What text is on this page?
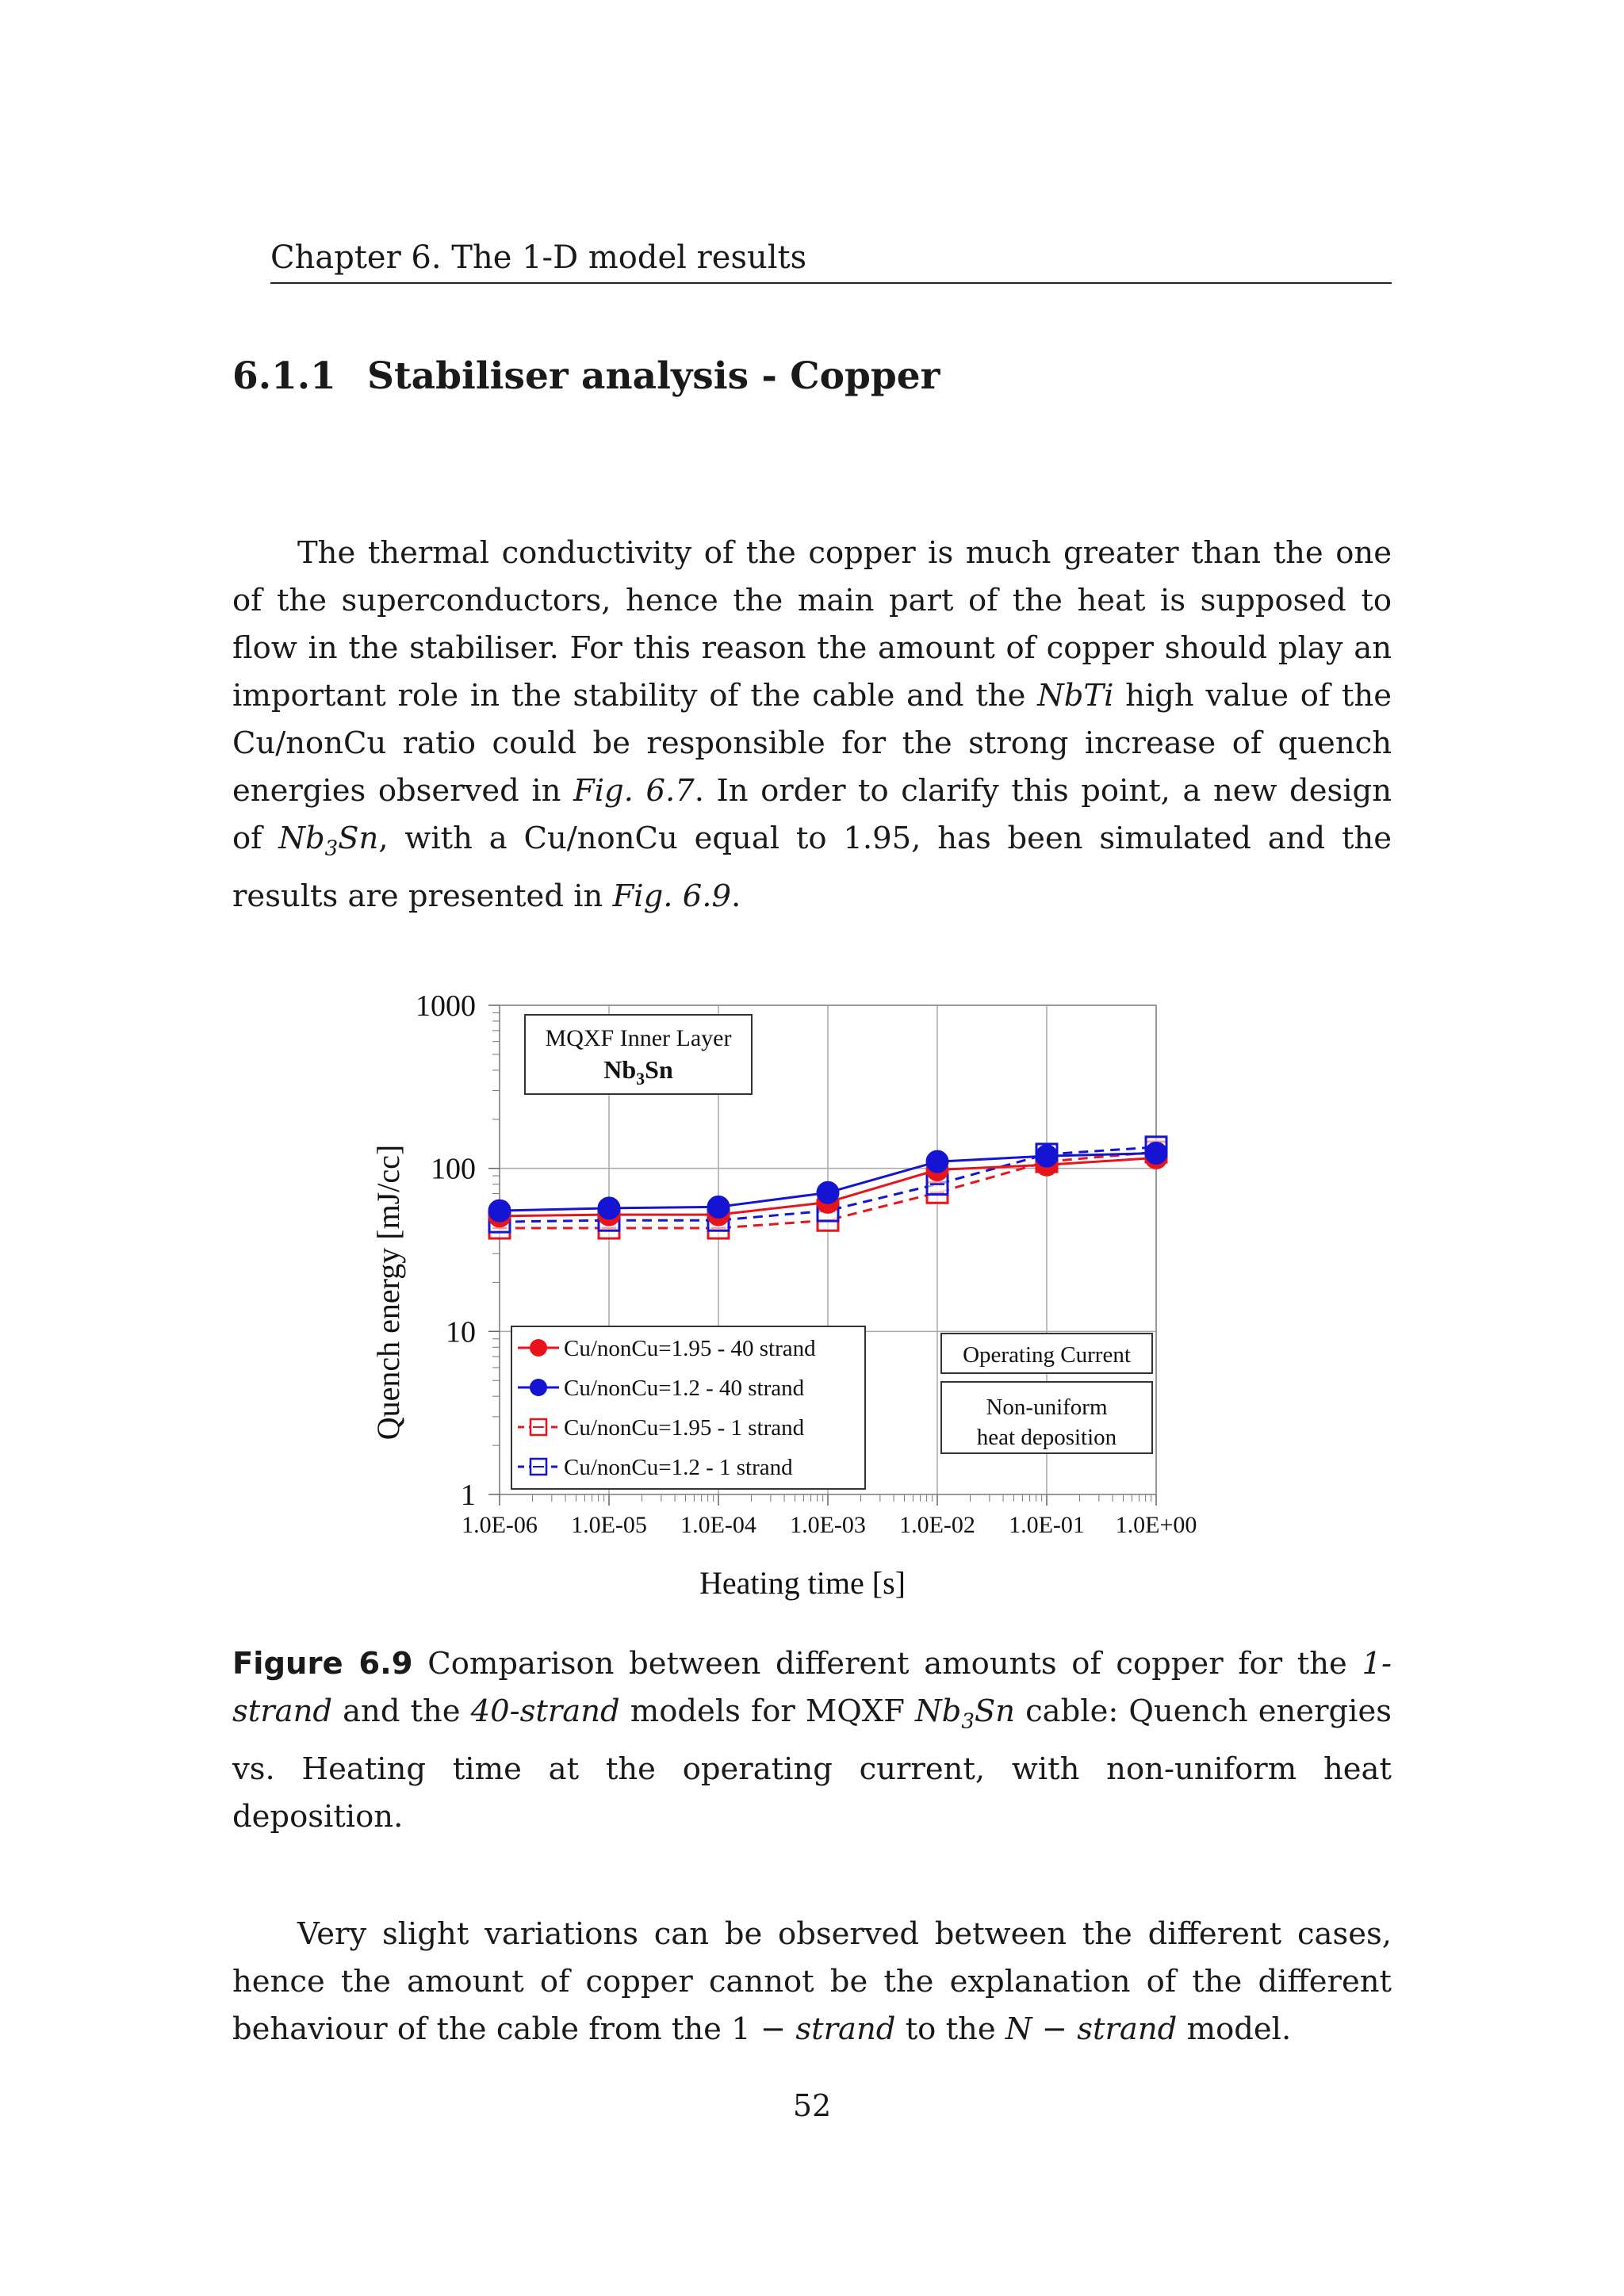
Chapter 6. The 1-D model results
6.1.1 Stabiliser analysis - Copper

The thermal conductivity of the copper is much greater than the one of the superconductors, hence the main part of the heat is supposed to flow in the stabiliser. For this reason the amount of copper should play an important role in the stability of the cable and the NbTi high value of the Cu/nonCu ratio could be responsible for the strong increase of quench energies observed in Fig. 6.7. In order to clarify this point, a new design of $Nb_3Sn$, with a Cu/nonCu equal to 1.95, has been simulated and the results are presented in Fig. 6.9.

1.0E-06 1.0E-05 1.0E-04 1.0E-03 1.0E-02 1.0E-01 1.0E+00
1
10
100
1000
MQXF Inner Layer
$Nb_3Sn$
Operating Current
Non-uniform
heat deposition
Cu/nonCu=1.95 - 40 strand
Cu/nonCu=1.2 - 40 strand
Cu/nonCu=1.95 - 1 strand
Cu/nonCu=1.2 - 1 strand
Heating time [s]
Quench energy [mJ/cc]
Figure 6.9 Comparison between different amounts of copper for the 1-strand and the 40-strand models for MQXF $Nb_3Sn$ cable: Quench energies vs. Heating time at the operating current, with non-uniform heat deposition.

Very slight variations can be observed between the different cases, hence the amount of copper cannot be the explanation of the different behaviour of the cable from the 1 − strand to the N − strand model.

52
